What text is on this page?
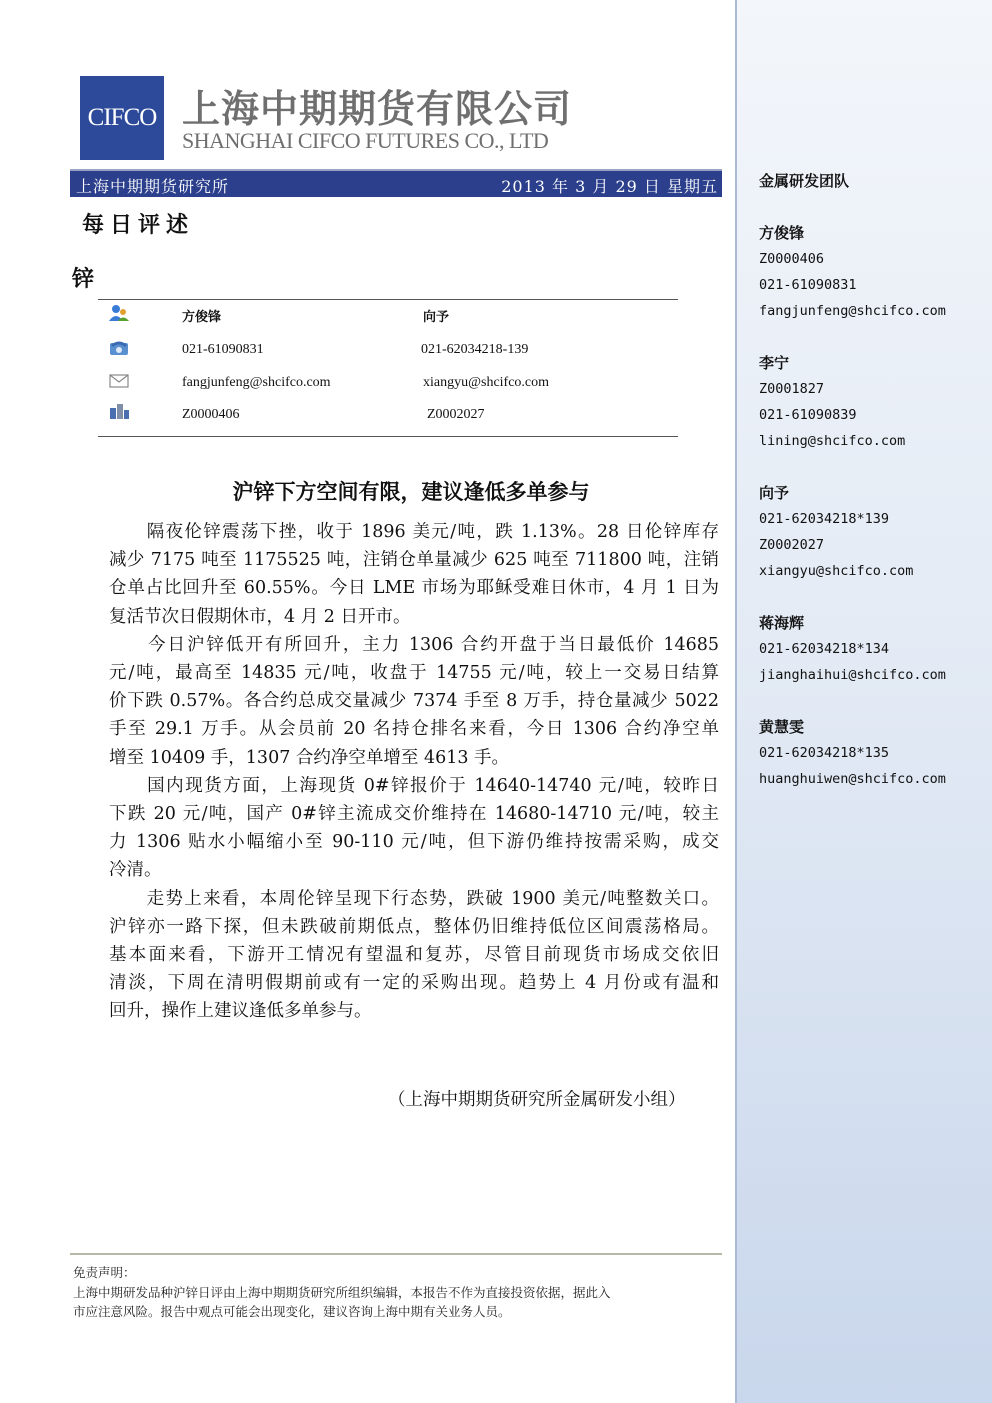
CIFCO 上海中期期货有限公司
SHANGHAI CIFCO FUTURES CO., LTD
上海中期期货研究所	2013 年 3 月 29 日 星期五
每日评述
锌
方俊锋	向予
021-61090831	021-62034218-139
fangjunfeng@shcifco.com	xiangyu@shcifco.com
Z0000406	Z0002027
沪锌下方空间有限，建议逢低多单参与
　　隔夜伦锌震荡下挫，收于 1896 美元/吨，跌 1.13%。28 日伦锌库存
减少 7175 吨至 1175525 吨，注销仓单量减少 625 吨至 711800 吨，注销
仓单占比回升至 60.55%。今日 LME 市场为耶稣受难日休市，4 月 1 日为
复活节次日假期休市，4 月 2 日开市。
　　今日沪锌低开有所回升，主力 1306 合约开盘于当日最低价 14685
元/吨，最高至 14835 元/吨，收盘于 14755 元/吨，较上一交易日结算
价下跌 0.57%。各合约总成交量减少 7374 手至 8 万手，持仓量减少 5022
手至 29.1 万手。从会员前 20 名持仓排名来看，今日 1306 合约净空单
增至 10409 手，1307 合约净空单增至 4613 手。
　　国内现货方面，上海现货 0#锌报价于 14640-14740 元/吨，较昨日
下跌 20 元/吨，国产 0#锌主流成交价维持在 14680-14710 元/吨，较主
力 1306 贴水小幅缩小至 90-110 元/吨，但下游仍维持按需采购，成交
冷清。
　　走势上来看，本周伦锌呈现下行态势，跌破 1900 美元/吨整数关口。
沪锌亦一路下探，但未跌破前期低点，整体仍旧维持低位区间震荡格局。
基本面来看，下游开工情况有望温和复苏，尽管目前现货市场成交依旧
清淡，下周在清明假期前或有一定的采购出现。趋势上 4 月份或有温和
回升，操作上建议逢低多单参与。
（上海中期期货研究所金属研发小组）
免责声明：
上海中期研发品种沪锌日评由上海中期期货研究所组织编辑，本报告不作为直接投资依据，据此入
市应注意风险。报告中观点可能会出现变化，建议咨询上海中期有关业务人员。
金属研发团队
方俊锋
Z0000406
021-61090831
fangjunfeng@shcifco.com
李宁
Z0001827
021-61090839
lining@shcifco.com
向予
021-62034218*139
Z0002027
xiangyu@shcifco.com
蒋海辉
021-62034218*134
jianghaihui@shcifco.com
黄慧雯
021-62034218*135
huanghuiwen@shcifco.com
